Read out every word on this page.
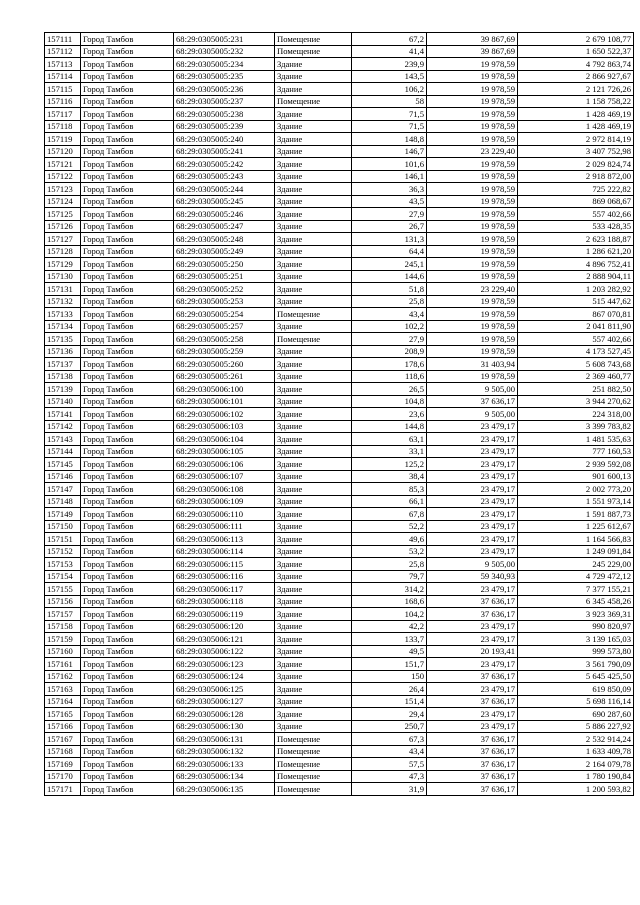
157111	Город Тамбов	68:29:0305005:231	Помещение	67,2	39 867,69	2 679 108,77
157112	Город Тамбов	68:29:0305005:232	Помещение	41,4	39 867,69	1 650 522,37
157113	Город Тамбов	68:29:0305005:234	Здание	239,9	19 978,59	4 792 863,74
157114	Город Тамбов	68:29:0305005:235	Здание	143,5	19 978,59	2 866 927,67
157115	Город Тамбов	68:29:0305005:236	Здание	106,2	19 978,59	2 121 726,26
157116	Город Тамбов	68:29:0305005:237	Помещение	58	19 978,59	1 158 758,22
157117	Город Тамбов	68:29:0305005:238	Здание	71,5	19 978,59	1 428 469,19
157118	Город Тамбов	68:29:0305005:239	Здание	71,5	19 978,59	1 428 469,19
157119	Город Тамбов	68:29:0305005:240	Здание	148,8	19 978,59	2 972 814,19
157120	Город Тамбов	68:29:0305005:241	Здание	146,7	23 229,40	3 407 752,98
157121	Город Тамбов	68:29:0305005:242	Здание	101,6	19 978,59	2 029 824,74
157122	Город Тамбов	68:29:0305005:243	Здание	146,1	19 978,59	2 918 872,00
157123	Город Тамбов	68:29:0305005:244	Здание	36,3	19 978,59	725 222,82
157124	Город Тамбов	68:29:0305005:245	Здание	43,5	19 978,59	869 068,67
157125	Город Тамбов	68:29:0305005:246	Здание	27,9	19 978,59	557 402,66
157126	Город Тамбов	68:29:0305005:247	Здание	26,7	19 978,59	533 428,35
157127	Город Тамбов	68:29:0305005:248	Здание	131,3	19 978,59	2 623 188,87
157128	Город Тамбов	68:29:0305005:249	Здание	64,4	19 978,59	1 286 621,20
157129	Город Тамбов	68:29:0305005:250	Здание	245,1	19 978,59	4 896 752,41
157130	Город Тамбов	68:29:0305005:251	Здание	144,6	19 978,59	2 888 904,11
157131	Город Тамбов	68:29:0305005:252	Здание	51,8	23 229,40	1 203 282,92
157132	Город Тамбов	68:29:0305005:253	Здание	25,8	19 978,59	515 447,62
157133	Город Тамбов	68:29:0305005:254	Помещение	43,4	19 978,59	867 070,81
157134	Город Тамбов	68:29:0305005:257	Здание	102,2	19 978,59	2 041 811,90
157135	Город Тамбов	68:29:0305005:258	Помещение	27,9	19 978,59	557 402,66
157136	Город Тамбов	68:29:0305005:259	Здание	208,9	19 978,59	4 173 527,45
157137	Город Тамбов	68:29:0305005:260	Здание	178,6	31 403,94	5 608 743,68
157138	Город Тамбов	68:29:0305005:261	Здание	118,6	19 978,59	2 369 460,77
157139	Город Тамбов	68:29:0305006:100	Здание	26,5	9 505,00	251 882,50
157140	Город Тамбов	68:29:0305006:101	Здание	104,8	37 636,17	3 944 270,62
157141	Город Тамбов	68:29:0305006:102	Здание	23,6	9 505,00	224 318,00
157142	Город Тамбов	68:29:0305006:103	Здание	144,8	23 479,17	3 399 783,82
157143	Город Тамбов	68:29:0305006:104	Здание	63,1	23 479,17	1 481 535,63
157144	Город Тамбов	68:29:0305006:105	Здание	33,1	23 479,17	777 160,53
157145	Город Тамбов	68:29:0305006:106	Здание	125,2	23 479,17	2 939 592,08
157146	Город Тамбов	68:29:0305006:107	Здание	38,4	23 479,17	901 600,13
157147	Город Тамбов	68:29:0305006:108	Здание	85,3	23 479,17	2 002 773,20
157148	Город Тамбов	68:29:0305006:109	Здание	66,1	23 479,17	1 551 973,14
157149	Город Тамбов	68:29:0305006:110	Здание	67,8	23 479,17	1 591 887,73
157150	Город Тамбов	68:29:0305006:111	Здание	52,2	23 479,17	1 225 612,67
157151	Город Тамбов	68:29:0305006:113	Здание	49,6	23 479,17	1 164 566,83
157152	Город Тамбов	68:29:0305006:114	Здание	53,2	23 479,17	1 249 091,84
157153	Город Тамбов	68:29:0305006:115	Здание	25,8	9 505,00	245 229,00
157154	Город Тамбов	68:29:0305006:116	Здание	79,7	59 340,93	4 729 472,12
157155	Город Тамбов	68:29:0305006:117	Здание	314,2	23 479,17	7 377 155,21
157156	Город Тамбов	68:29:0305006:118	Здание	168,6	37 636,17	6 345 458,26
157157	Город Тамбов	68:29:0305006:119	Здание	104,2	37 636,17	3 923 369,31
157158	Город Тамбов	68:29:0305006:120	Здание	42,2	23 479,17	990 820,97
157159	Город Тамбов	68:29:0305006:121	Здание	133,7	23 479,17	3 139 165,03
157160	Город Тамбов	68:29:0305006:122	Здание	49,5	20 193,41	999 573,80
157161	Город Тамбов	68:29:0305006:123	Здание	151,7	23 479,17	3 561 790,09
157162	Город Тамбов	68:29:0305006:124	Здание	150	37 636,17	5 645 425,50
157163	Город Тамбов	68:29:0305006:125	Здание	26,4	23 479,17	619 850,09
157164	Город Тамбов	68:29:0305006:127	Здание	151,4	37 636,17	5 698 116,14
157165	Город Тамбов	68:29:0305006:128	Здание	29,4	23 479,17	690 287,60
157166	Город Тамбов	68:29:0305006:130	Здание	250,7	23 479,17	5 886 227,92
157167	Город Тамбов	68:29:0305006:131	Помещение	67,3	37 636,17	2 532 914,24
157168	Город Тамбов	68:29:0305006:132	Помещение	43,4	37 636,17	1 633 409,78
157169	Город Тамбов	68:29:0305006:133	Помещение	57,5	37 636,17	2 164 079,78
157170	Город Тамбов	68:29:0305006:134	Помещение	47,3	37 636,17	1 780 190,84
157171	Город Тамбов	68:29:0305006:135	Помещение	31,9	37 636,17	1 200 593,82
